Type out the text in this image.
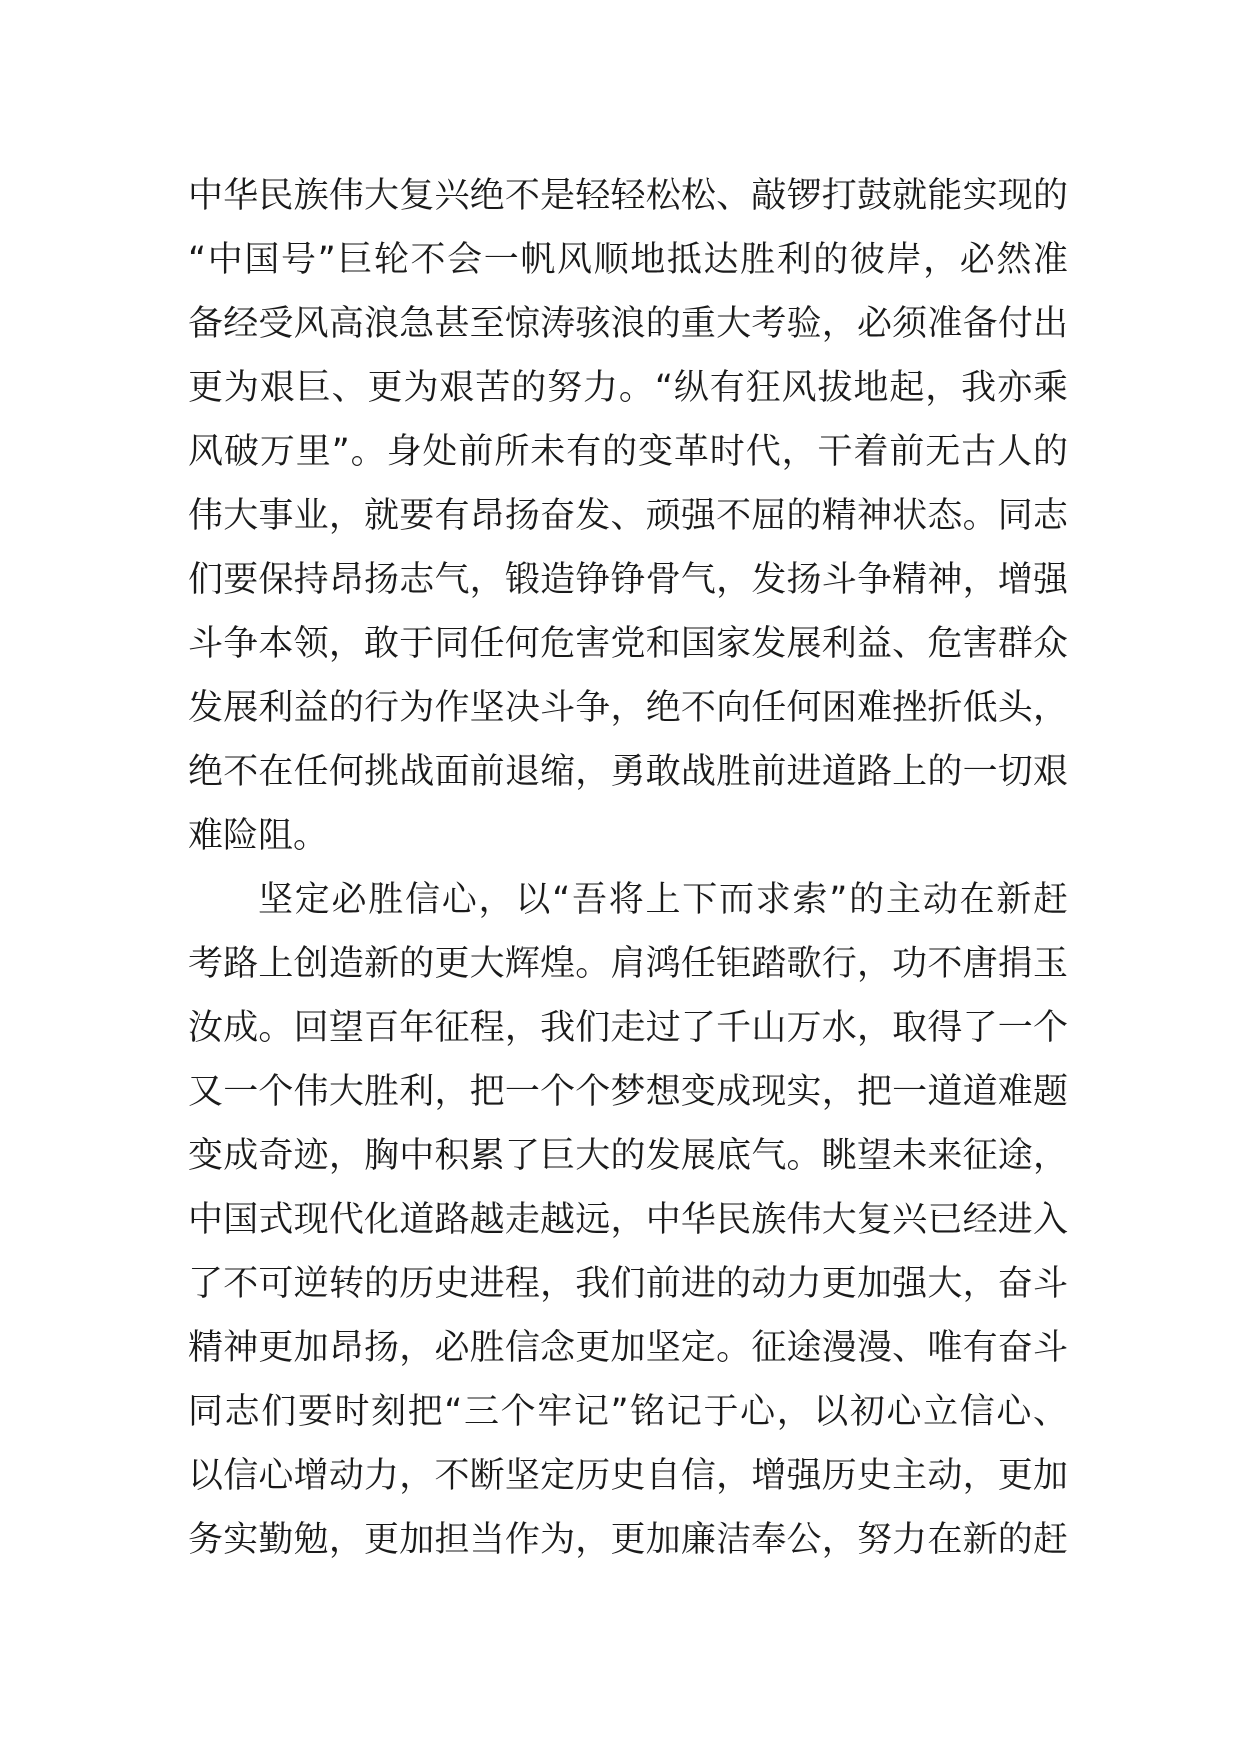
中华民族伟大复兴绝不是轻轻松松、敲锣打鼓就能实现的
“中国号”巨轮不会一帆风顺地抵达胜利的彼岸，必然准
备经受风高浪急甚至惊涛骇浪的重大考验，必须准备付出
更为艰巨、更为艰苦的努力。“纵有狂风拔地起，我亦乘
风破万里”。身处前所未有的变革时代，干着前无古人的
伟大事业，就要有昂扬奋发、顽强不屈的精神状态。同志
们要保持昂扬志气，锻造铮铮骨气，发扬斗争精神，增强
斗争本领，敢于同任何危害党和国家发展利益、危害群众
发展利益的行为作坚决斗争，绝不向任何困难挫折低头，
绝不在任何挑战面前退缩，勇敢战胜前进道路上的一切艰
难险阻。
坚定必胜信心，以“吾将上下而求索”的主动在新赶
考路上创造新的更大辉煌。肩鸿任钜踏歌行，功不唐捐玉
汝成。回望百年征程，我们走过了千山万水，取得了一个
又一个伟大胜利，把一个个梦想变成现实，把一道道难题
变成奇迹，胸中积累了巨大的发展底气。眺望未来征途，
中国式现代化道路越走越远，中华民族伟大复兴已经进入
了不可逆转的历史进程，我们前进的动力更加强大，奋斗
精神更加昂扬，必胜信念更加坚定。征途漫漫、唯有奋斗
同志们要时刻把“三个牢记”铭记于心，以初心立信心、
以信心增动力，不断坚定历史自信，增强历史主动，更加
务实勤勉，更加担当作为，更加廉洁奉公，努力在新的赶
